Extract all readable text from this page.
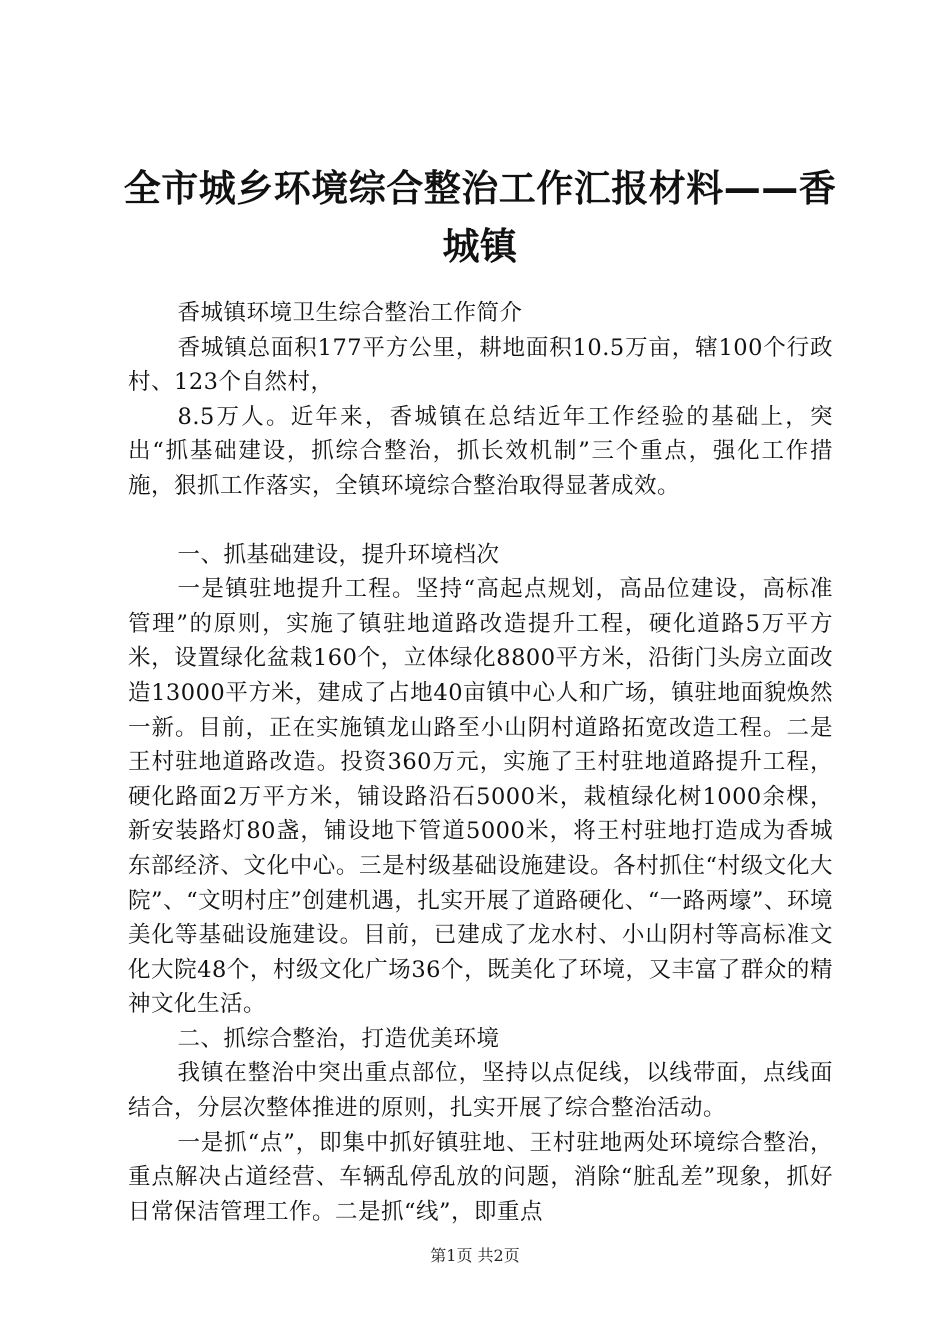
全市城乡环境综合整治工作汇报材料——香城镇

香城镇环境卫生综合整治工作简介

香城镇总面积177平方公里，耕地面积10.5万亩，辖100个行政村、123个自然村，

8.5万人。近年来，香城镇在总结近年工作经验的基础上，突出“抓基础建设，抓综合整治，抓长效机制”三个重点，强化工作措施，狠抓工作落实，全镇环境综合整治取得显著成效。

一、抓基础建设，提升环境档次

一是镇驻地提升工程。坚持“高起点规划，高品位建设，高标准管理”的原则，实施了镇驻地道路改造提升工程，硬化道路5万平方米，设置绿化盆栽160个，立体绿化8800平方米，沿街门头房立面改造13000平方米，建成了占地40亩镇中心人和广场，镇驻地面貌焕然一新。目前，正在实施镇龙山路至小山阴村道路拓宽改造工程。二是王村驻地道路改造。投资360万元，实施了王村驻地道路提升工程，硬化路面2万平方米，铺设路沿石5000米，栽植绿化树1000余棵，新安装路灯80盏，铺设地下管道5000米，将王村驻地打造成为香城东部经济、文化中心。三是村级基础设施建设。各村抓住“村级文化大院”、“文明村庄”创建机遇，扎实开展了道路硬化、“一路两壕”、环境美化等基础设施建设。目前，已建成了龙水村、小山阴村等高标准文化大院48个，村级文化广场36个，既美化了环境，又丰富了群众的精神文化生活。

二、抓综合整治，打造优美环境

我镇在整治中突出重点部位，坚持以点促线，以线带面，点线面结合，分层次整体推进的原则，扎实开展了综合整治活动。

一是抓“点”，即集中抓好镇驻地、王村驻地两处环境综合整治，重点解决占道经营、车辆乱停乱放的问题，消除“脏乱差”现象，抓好日常保洁管理工作。二是抓“线”，即重点

第1页 共2页
